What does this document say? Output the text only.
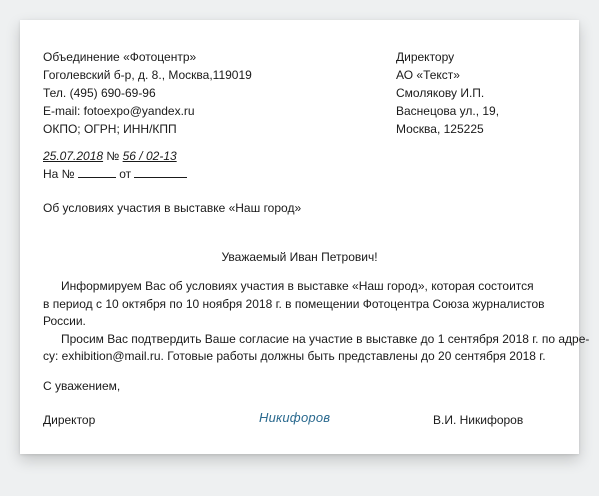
Объединение «Фотоцентр»
Гоголевский б-р, д. 8., Москва,119019
Тел. (495) 690-69-96
E-mail: fotoexpo@yandex.ru
ОКПО; ОГРН; ИНН/КПП
Директору
АО «Текст»
Смолякову И.П.
Васнецова ул., 19,
Москва, 125225
25.07.2018 № 56 / 02-13
На №	от
Об условиях участия в выставке «Наш город»
Уважаемый Иван Петрович!
Информируем Вас об условиях участия в выставке «Наш город», которая состоится
в период с 10 октября по 10 ноября 2018 г. в помещении Фотоцентра Союза журналистов
России.
Просим Вас подтвердить Ваше согласие на участие в выставке до 1 сентября 2018 г. по адре-
су: exhibition@mail.ru. Готовые работы должны быть представлены до 20 сентября 2018 г.
С уважением,
Директор	Никифоров	В.И. Никифоров
